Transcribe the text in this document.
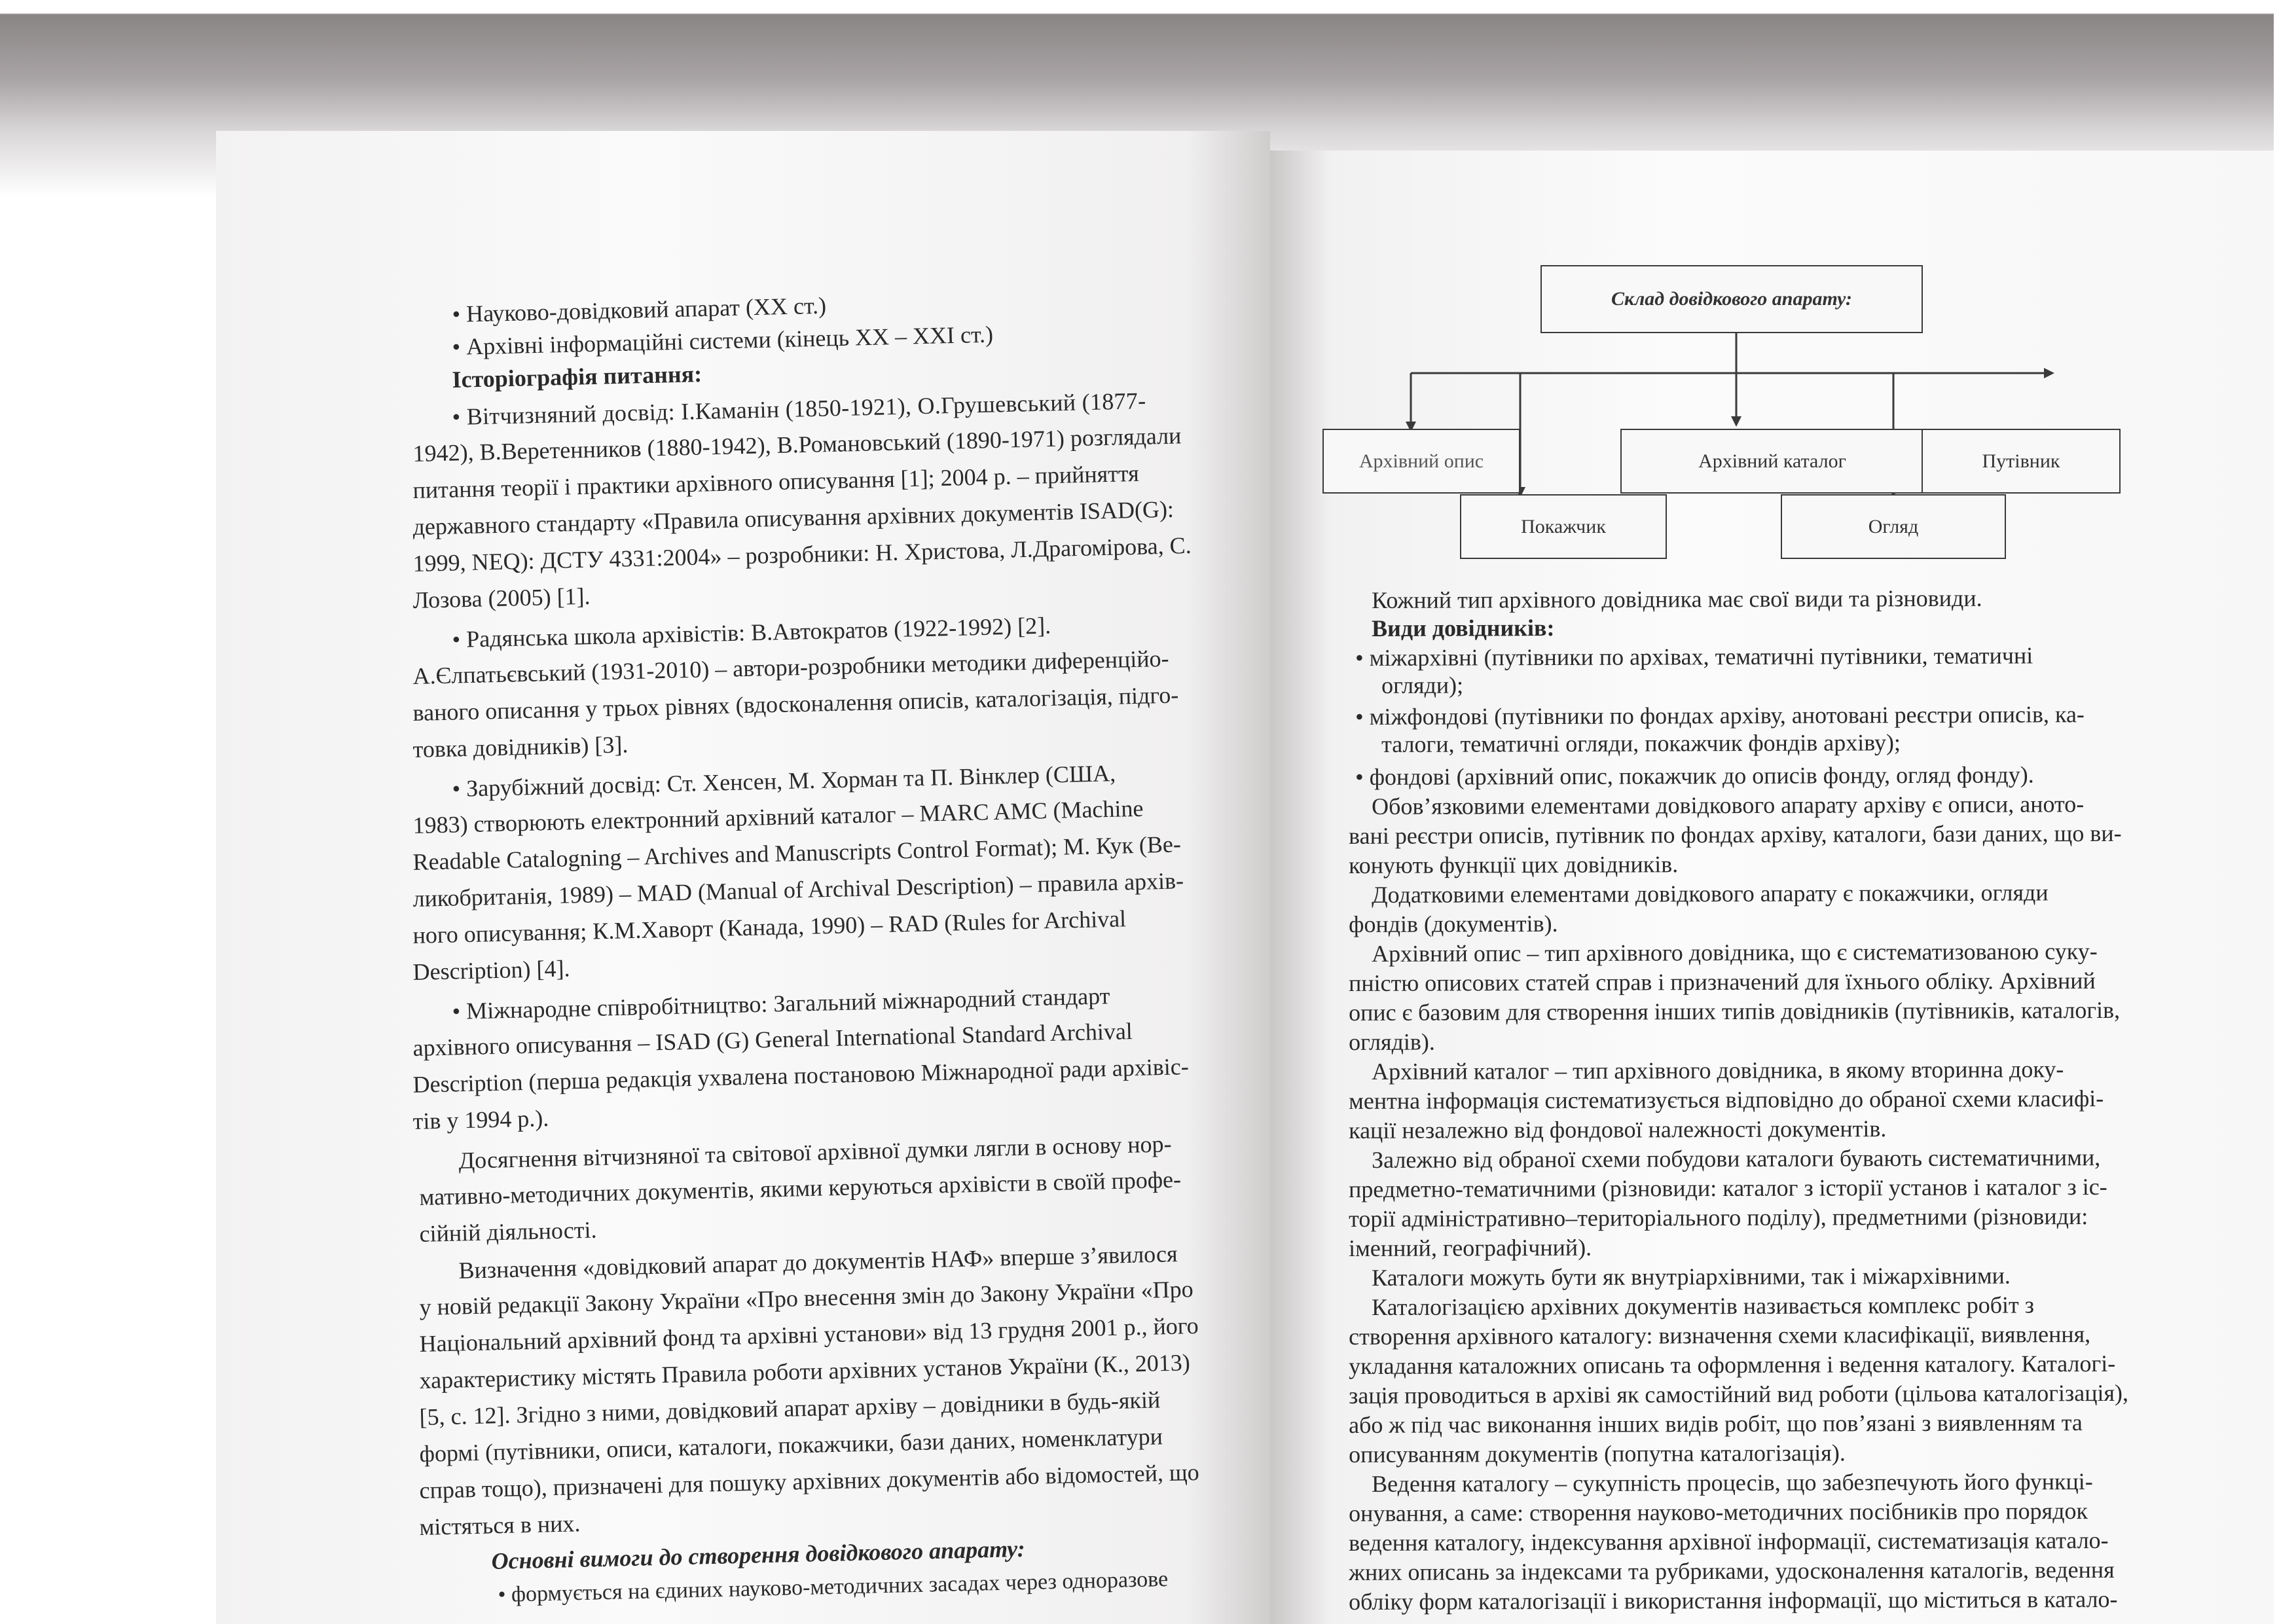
• Науково-довідковий апарат (ХХ ст.)
• Архівні інформаційні системи (кінець ХХ – ХХІ ст.)
Історіографія питання:
• Вітчизняний досвід: І.Каманін (1850-1921), О.Грушевський (1877-
1942), В.Веретенников (1880-1942), В.Романовський (1890-1971) розглядали
питання теорії і практики архівного описування [1]; 2004 р. – прийняття
державного стандарту «Правила описування архівних документів ISAD(G):
1999, NEQ): ДСТУ 4331:2004» – розробники: Н. Христова, Л.Драгомірова, С.
Лозова (2005) [1].
• Радянська школа архівістів: В.Автократов (1922-1992) [2].
А.Єлпатьєвський (1931-2010) – автори-розробники методики диференційо-
ваного описання у трьох рівнях (вдосконалення описів, каталогізація, підго-
товка довідників) [3].
• Зарубіжний досвід: Ст. Хенсен, М. Хорман та П. Вінклер (США,
1983) створюють електронний архівний каталог – MARC AMC (Machine
Readable Catalogning – Archives and Manuscripts Control Format); М. Кук (Ве-
ликобританія, 1989) – MAD (Manual of Archival Description) – правила архів-
ного описування; К.М.Хаворт (Канада, 1990) – RAD (Rules for Archival
Description) [4].
• Міжнародне співробітництво: Загальний міжнародний стандарт
архівного описування – ISAD (G) General International Standard Archival
Description (перша редакція ухвалена постановою Міжнародної ради архівіс-
тів у 1994 р.).
Досягнення вітчизняної та світової архівної думки лягли в основу нор-
мативно-методичних документів, якими керуються архівісти в своїй профе-
сійній діяльності.
Визначення «довідковий апарат до документів НАФ» вперше з’явилося
у новій редакції Закону України «Про внесення змін до Закону України «Про
Національний архівний фонд та архівні установи» від 13 грудня 2001 р., його
характеристику містять Правила роботи архівних установ України (К., 2013)
[5, с. 12]. Згідно з ними, довідковий апарат архіву – довідники в будь-якій
формі (путівники, описи, каталоги, покажчики, бази даних, номенклатури
справ тощо), призначені для пошуку архівних документів або відомостей, що
містяться в них.
Основні вимоги до створення довідкового апарату:
• формується на єдиних науково-методичних засадах через одноразове
Склад довідкового апарату:
Архівний опис	Архівний каталог	Путівник
Покажчик	Огляд
Кожний тип архівного довідника має свої види та різновиди.
Види довідників:
• міжархівні (путівники по архівах, тематичні путівники, тематичні
огляди);
• міжфондові (путівники по фондах архіву, анотовані реєстри описів, ка-
талоги, тематичні огляди, покажчик фондів архіву);
• фондові (архівний опис, покажчик до описів фонду, огляд фонду).
Обов’язковими елементами довідкового апарату архіву є описи, аното-
вані реєстри описів, путівник по фондах архіву, каталоги, бази даних, що ви-
конують функції цих довідників.
Додатковими елементами довідкового апарату є покажчики, огляди
фондів (документів).
Архівний опис – тип архівного довідника, що є систематизованою суку-
пністю описових статей справ і призначений для їхнього обліку. Архівний
опис є базовим для створення інших типів довідників (путівників, каталогів,
оглядів).
Архівний каталог – тип архівного довідника, в якому вторинна доку-
ментна інформація систематизується відповідно до обраної схеми класифі-
кації незалежно від фондової належності документів.
Залежно від обраної схеми побудови каталоги бувають систематичними,
предметно-тематичними (різновиди: каталог з історії установ і каталог з іс-
торії адміністративно–територіального поділу), предметними (різновиди:
іменний, географічний).
Каталоги можуть бути як внутріархівними, так і міжархівними.
Каталогізацією архівних документів називається комплекс робіт з
створення архівного каталогу: визначення схеми класифікації, виявлення,
укладання каталожних описань та оформлення і ведення каталогу. Каталогі-
зація проводиться в архіві як самостійний вид роботи (цільова каталогізація),
або ж під час виконання інших видів робіт, що пов’язані з виявленням та
описуванням документів (попутна каталогізація).
Ведення каталогу – сукупність процесів, що забезпечують його функці-
онування, а саме: створення науково-методичних посібників про порядок
ведення каталогу, індексування архівної інформації, систематизація катало-
жних описань за індексами та рубриками, удосконалення каталогів, ведення
обліку форм каталогізації і використання інформації, що міститься в катало-
